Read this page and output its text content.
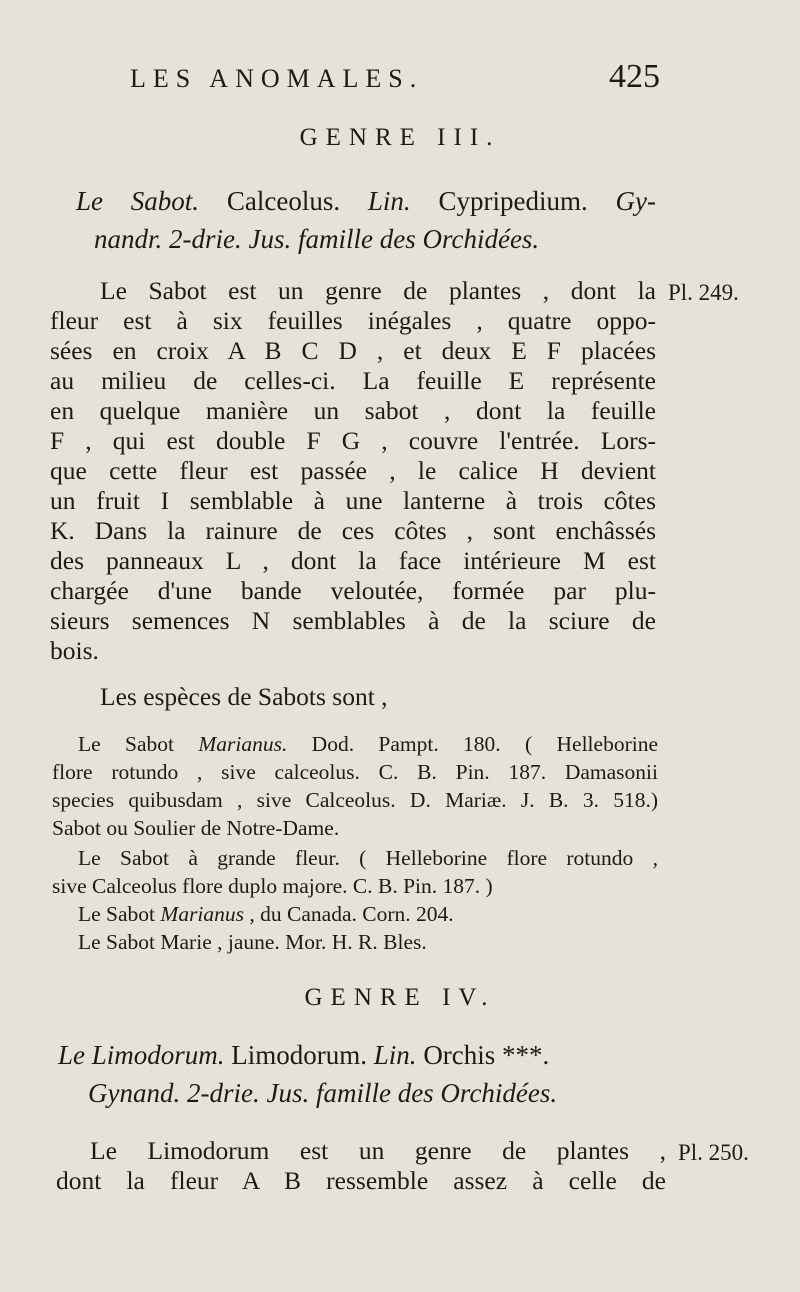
LES ANOMALES.	425
GENRE III.
Le Sabot. Calceolus. Lin. Cypripedium. Gy-
nandr. 2-drie. Jus. famille des Orchidées.
Pl. 249.
Le Sabot est un genre de plantes , dont la
fleur est à six feuilles inégales , quatre oppo-
sées en croix A B C D , et deux E F placées
au milieu de celles-ci. La feuille E représente
en quelque manière un sabot , dont la feuille
F , qui est double F G , couvre l'entrée. Lors-
que cette fleur est passée , le calice H devient
un fruit I semblable à une lanterne à trois côtes
K. Dans la rainure de ces côtes , sont enchâssés
des panneaux L , dont la face intérieure M est
chargée d'une bande veloutée, formée par plu-
sieurs semences N semblables à de la sciure de
bois.
Les espèces de Sabots sont ,
Le Sabot Marianus. Dod. Pampt. 180. ( Helleborine
flore rotundo , sive calceolus. C. B. Pin. 187. Damasonii
species quibusdam , sive Calceolus. D. Mariæ. J. B. 3. 518.)
Sabot ou Soulier de Notre-Dame.
Le Sabot à grande fleur. ( Helleborine flore rotundo ,
sive Calceolus flore duplo majore. C. B. Pin. 187. )
Le Sabot Marianus , du Canada. Corn. 204.
Le Sabot Marie , jaune. Mor. H. R. Bles.
GENRE IV.
Le Limodorum. Limodorum. Lin. Orchis ***.
Gynand. 2-drie. Jus. famille des Orchidées.
Pl. 250.
Le Limodorum est un genre de plantes ,
dont la fleur A B ressemble assez à celle de
